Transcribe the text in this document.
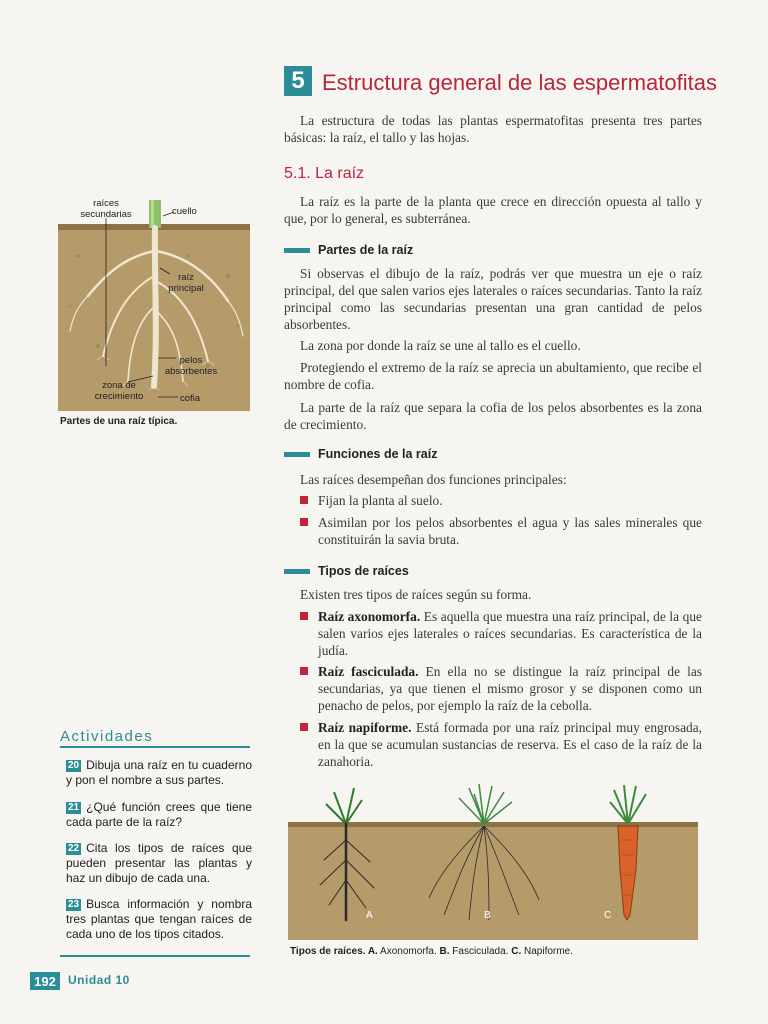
5 Estructura general de las espermatofitas

La estructura de todas las plantas espermatofitas presenta tres partes básicas: la raíz, el tallo y las hojas.

5.1. La raíz

La raíz es la parte de la planta que crece en dirección opuesta al tallo y que, por lo general, es subterránea.

Partes de la raíz

Si observas el dibujo de la raíz, podrás ver que muestra un eje o raíz principal, del que salen varios ejes laterales o raíces secundarias. Tanto la raíz principal como las secundarias presentan una gran cantidad de pelos absorbentes.

La zona por donde la raíz se une al tallo es el cuello.

Protegiendo el extremo de la raíz se aprecia un abultamiento, que recibe el nombre de cofia.

La parte de la raíz que separa la cofia de los pelos absorbentes es la zona de crecimiento.

Funciones de la raíz

Las raíces desempeñan dos funciones principales:

Fijan la planta al suelo.
Asimilan por los pelos absorbentes el agua y las sales minerales que constituirán la savia bruta.
Tipos de raíces

Existen tres tipos de raíces según su forma.

Raíz axonomorfa. Es aquella que muestra una raíz principal, de la que salen varios ejes laterales o raíces secundarias. Es característica de la judía.
Raíz fasciculada. En ella no se distingue la raíz principal de las secundarias, ya que tienen el mismo grosor y se disponen como un penacho de pelos, por ejemplo la raíz de la cebolla.
Raíz napiforme. Está formada por una raíz principal muy engrosada, en la que se acumulan sustancias de reserva. Es el caso de la raíz de la zanahoria.
raíces
secundarias	cuello
raíz
principal
pelos
absorbentes
zona de
crecimiento	cofia
Partes de una raíz típica.
A	B	C
Tipos de raíces. A. Axonomorfa. B. Fasciculada. C. Napiforme.
Actividades
20 Dibuja una raíz en tu cuaderno y pon el nombre a sus partes.
21 ¿Qué función crees que tiene cada parte de la raíz?
22 Cita los tipos de raíces que pueden presentar las plantas y haz un dibujo de cada una.
23 Busca información y nombra tres plantas que tengan raíces de cada uno de los tipos citados.
192	Unidad 10
